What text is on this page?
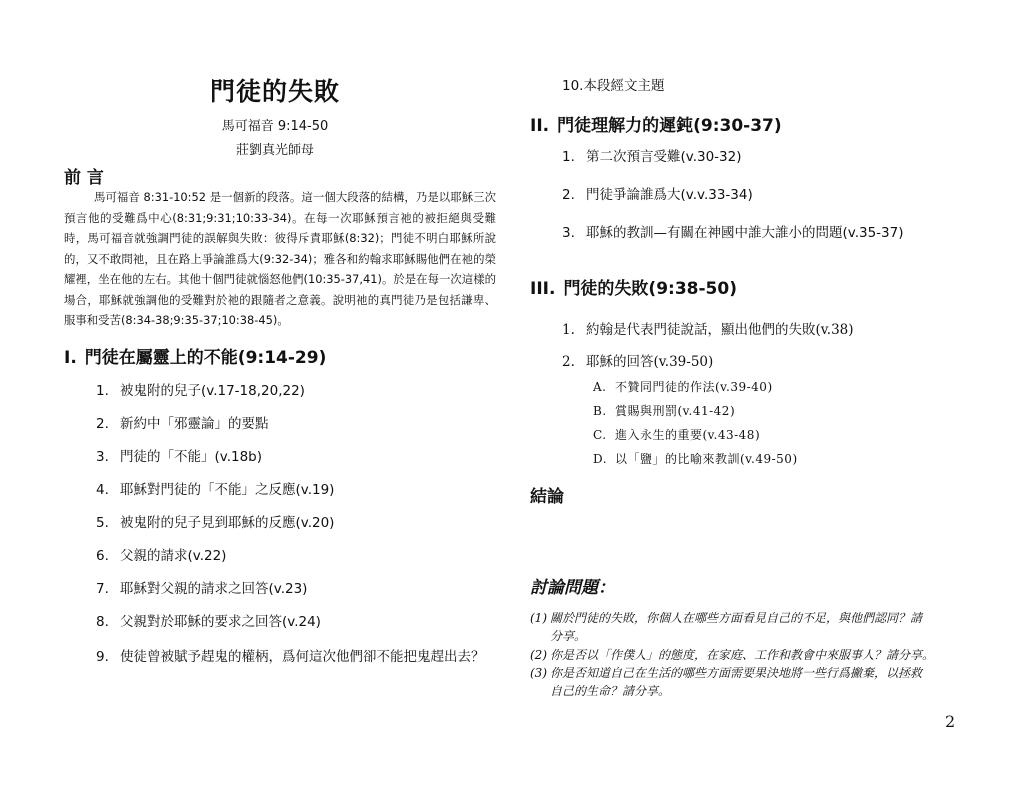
門徒的失敗
馬可福音 9:14-50
莊劉真光師母
前 言
馬可福音 8:31-10:52 是一個新的段落。這一個大段落的結構，乃是以耶穌三次預言他的受難爲中心(8:31;9:31;10:33-34)。在每一次耶穌預言祂的被拒絕與受難時，馬可福音就強調門徒的誤解與失敗：彼得斥責耶穌(8:32)；門徒不明白耶穌所說的，又不敢問祂，且在路上爭論誰爲大(9:32-34)；雅各和約翰求耶穌賜他們在祂的榮耀裡，坐在他的左右。其他十個門徒就惱怒他們(10:35-37,41)。於是在每一次這樣的場合，耶穌就強調他的受難對於祂的跟隨者之意義。說明祂的真門徒乃是包括謙卑、服事和受苦(8:34-38;9:35-37;10:38-45)。
I. 門徒在屬靈上的不能(9:14-29)
1. 被鬼附的兒子(v.17-18,20,22)
2. 新約中「邪靈論」的要點
3. 門徒的「不能」(v.18b)
4. 耶穌對門徒的「不能」之反應(v.19)
5. 被鬼附的兒子見到耶穌的反應(v.20)
6. 父親的請求(v.22)
7. 耶穌對父親的請求之回答(v.23)
8. 父親對於耶穌的要求之回答(v.24)
9. 使徒曾被賦予趕鬼的權柄，爲何這次他們卻不能把鬼趕出去？
10.本段經文主題
II. 門徒理解力的遲鈍(9:30-37)
1. 第二次預言受難(v.30-32)
2. 門徒爭論誰爲大(v.v.33-34)
3. 耶穌的教訓—有關在神國中誰大誰小的問題(v.35-37)
III. 門徒的失敗(9:38-50)
1. 約翰是代表門徒說話，顯出他們的失敗(v.38)
2. 耶穌的回答(v.39-50)
A. 不贊同門徒的作法(v.39-40)
B. 賞賜與刑罰(v.41-42)
C. 進入永生的重要(v.43-48)
D. 以「鹽」的比喻來教訓(v.49-50)
結論
討論問題：
(1) 關於門徒的失敗，你個人在哪些方面看見自己的不足，與他們認同？請
分享。
(2) 你是否以「作僕人」的態度，在家庭、工作和教會中來服事人？請分享。
(3) 你是否知道自己在生活的哪些方面需要果決地將一些行爲撇棄，以拯救
自己的生命？請分享。
2
